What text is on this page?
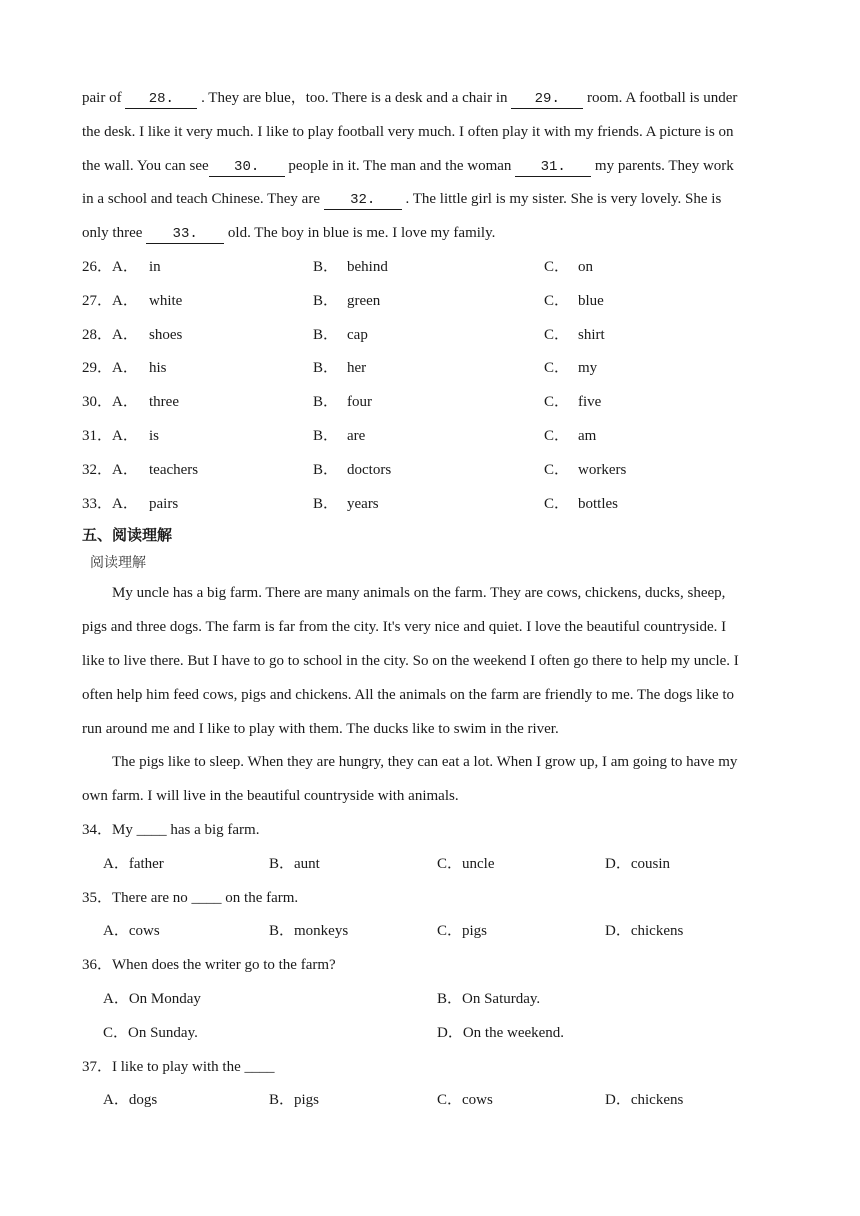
pair of 28. . They are blue，too. There is a desk and a chair in 29. room. A football is under
the desk. I like it very much. I like to play football very much. I often play it with my friends. A picture is on
the wall. You can see 30. people in it. The man and the woman 31. my parents. They work
in a school and teach Chinese. They are 32. . The little girl is my sister. She is very lovely. She is
only three 33. old. The boy in blue is me. I love my family.
26．A． in	B． behind	C． on
27．A． white	B． green	C． blue
28．A． shoes	B． cap	C． shirt
29．A． his	B． her	C． my
30．A． three	B． four	C． five
31．A． is	B． are	C． am
32．A． teachers	B． doctors	C． workers
33．A． pairs	B． years	C． bottles
五、阅读理解
阅读理解
My uncle has a big farm. There are many animals on the farm. They are cows, chickens, ducks, sheep,
pigs and three dogs. The farm is far from the city. It's very nice and quiet. I love the beautiful countryside. I
like to live there. But I have to go to school in the city. So on the weekend I often go there to help my uncle. I
often help him feed cows, pigs and chickens. All the animals on the farm are friendly to me. The dogs like to
run around me and I like to play with them. The ducks like to swim in the river.
The pigs like to sleep. When they are hungry, they can eat a lot. When I grow up, I am going to have my
own farm. I will live in the beautiful countryside with animals.
34．My ____ has a big farm.
A．father	B．aunt	C．uncle	D．cousin
35．There are no ____ on the farm.
A．cows	B．monkeys	C．pigs	D．chickens
36．When does the writer go to the farm?
A．On Monday	B．On Saturday.
C．On Sunday.	D．On the weekend.
37．I like to play with the ____
A．dogs	B．pigs	C．cows	D．chickens
